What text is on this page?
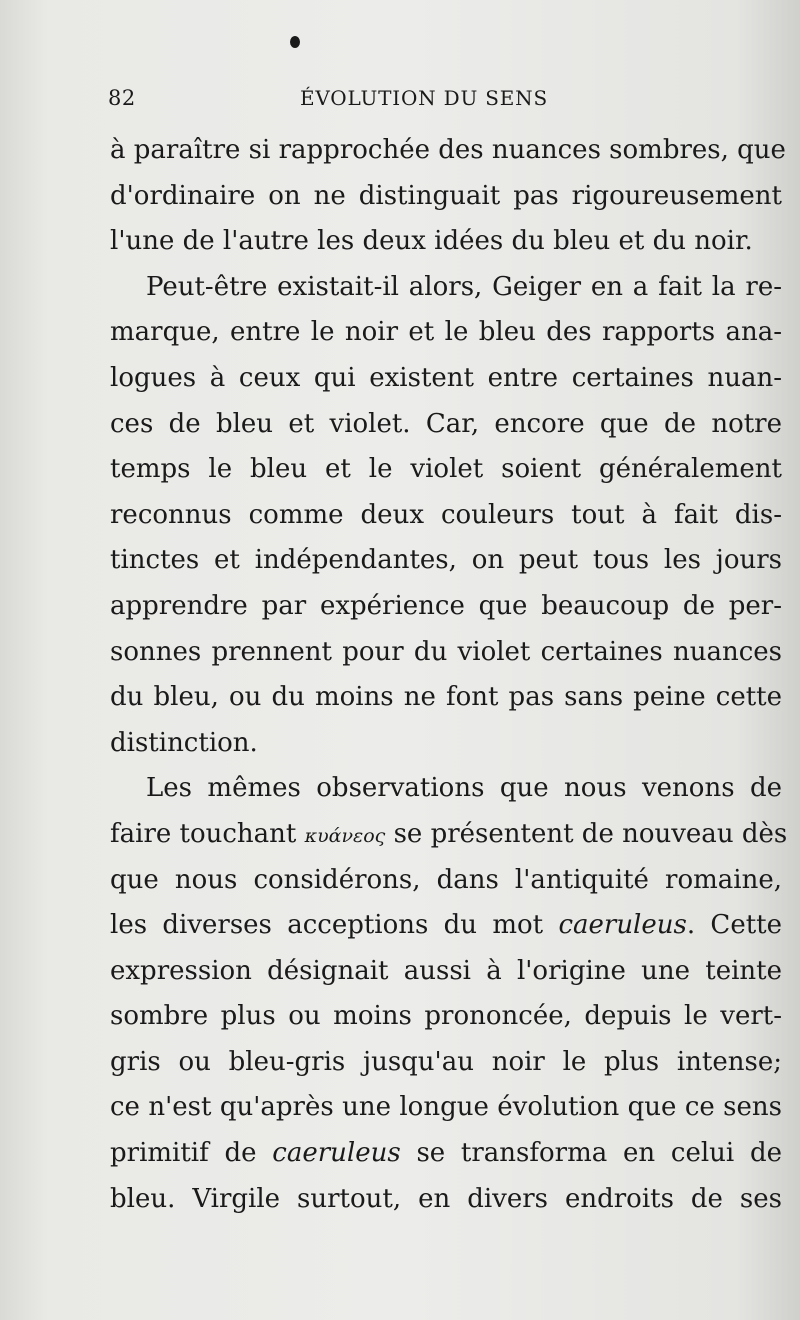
82	ÉVOLUTION DU SENS
à paraître si rapprochée des nuances sombres, que
d'ordinaire on ne distinguait pas rigoureusement
l'une de l'autre les deux idées du bleu et du noir.
Peut-être existait-il alors, Geiger en a fait la re-
marque, entre le noir et le bleu des rapports ana-
logues à ceux qui existent entre certaines nuan-
ces de bleu et violet. Car, encore que de notre
temps le bleu et le violet soient généralement
reconnus comme deux couleurs tout à fait dis-
tinctes et indépendantes, on peut tous les jours
apprendre par expérience que beaucoup de per-
sonnes prennent pour du violet certaines nuances
du bleu, ou du moins ne font pas sans peine cette
distinction.
Les mêmes observations que nous venons de
faire touchant κυάνεος se présentent de nouveau dès
que nous considérons, dans l'antiquité romaine,
les diverses acceptions du mot caeruleus. Cette
expression désignait aussi à l'origine une teinte
sombre plus ou moins prononcée, depuis le vert-
gris ou bleu-gris jusqu'au noir le plus intense;
ce n'est qu'après une longue évolution que ce sens
primitif de caeruleus se transforma en celui de
bleu. Virgile surtout, en divers endroits de ses
